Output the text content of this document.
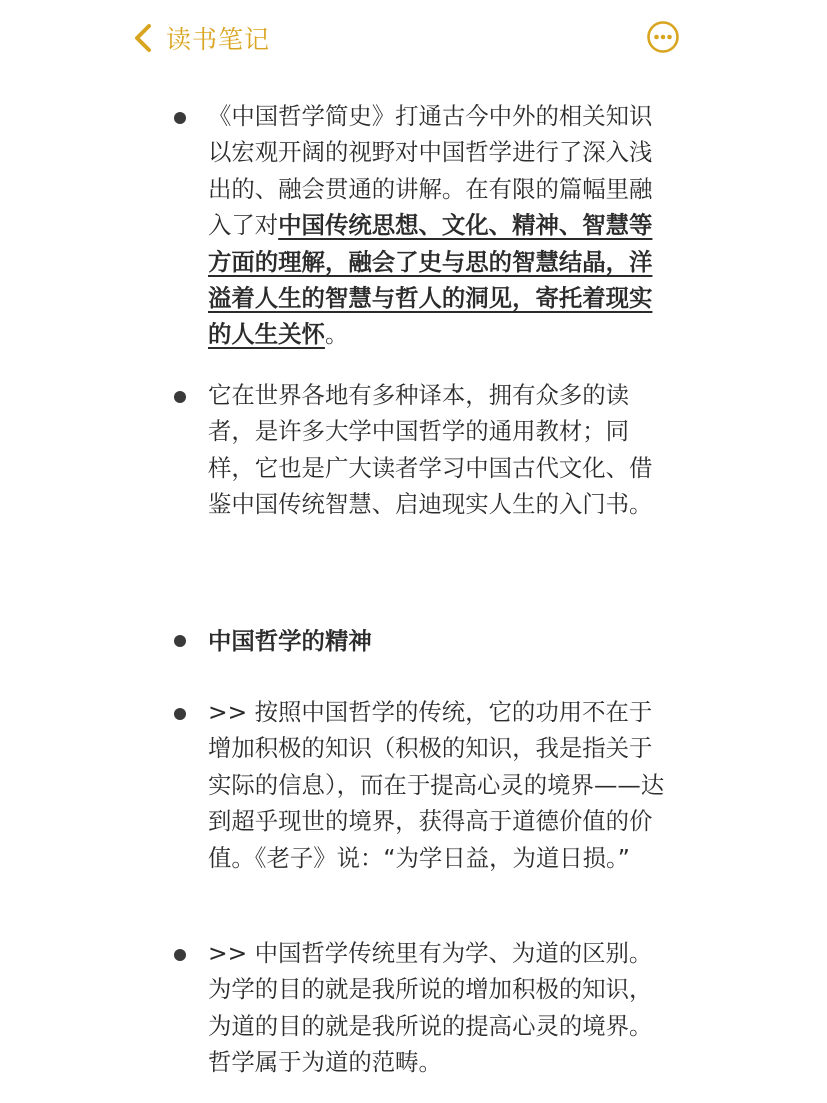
读书笔记

《中国哲学简史》打通古今中外的相关知识以宏观开阔的视野对中国哲学进行了深入浅出的、融会贯通的讲解。在有限的篇幅里融入了对中国传统思想、文化、精神、智慧等方面的理解，融会了史与思的智慧结晶，洋溢着人生的智慧与哲人的洞见，寄托着现实的人生关怀。

它在世界各地有多种译本，拥有众多的读者，是许多大学中国哲学的通用教材；同样，它也是广大读者学习中国古代文化、借鉴中国传统智慧、启迪现实人生的入门书。

中国哲学的精神

>> 按照中国哲学的传统，它的功用不在于增加积极的知识（积极的知识，我是指关于实际的信息），而在于提高心灵的境界——达到超乎现世的境界，获得高于道德价值的价值。《老子》说：“为学日益，为道日损。”

>> 中国哲学传统里有为学、为道的区别。为学的目的就是我所说的增加积极的知识，为道的目的就是我所说的提高心灵的境界。哲学属于为道的范畴。
